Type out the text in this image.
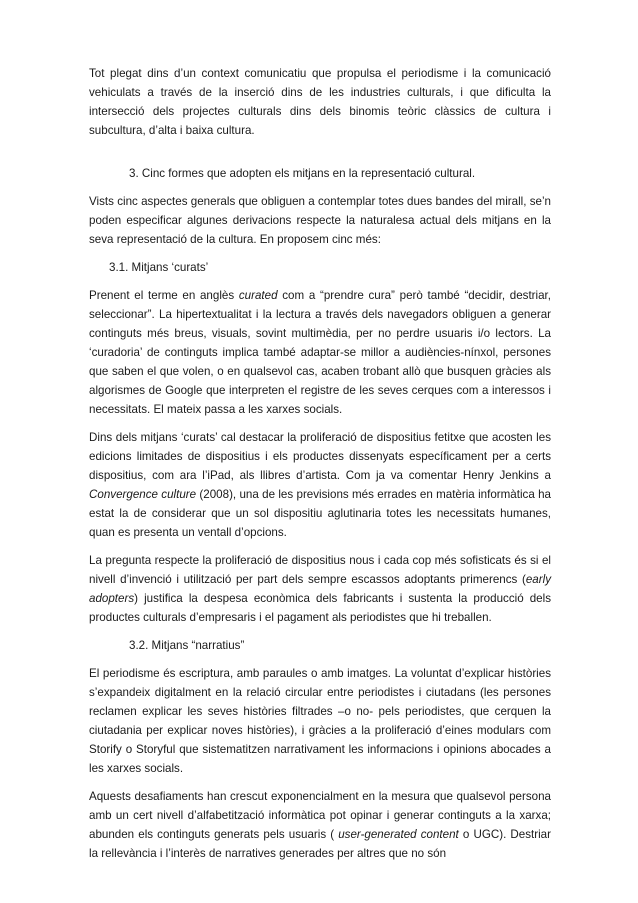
Tot plegat dins d’un context comunicatiu que propulsa el periodisme i la comunicació vehiculats a través de la inserció dins de les industries culturals, i que dificulta la intersecció dels projectes culturals dins dels binomis teòric clàssics de cultura i subcultura, d’alta i baixa cultura.

3. Cinc formes que adopten els mitjans en la representació cultural.

Vists cinc aspectes generals que obliguen a contemplar totes dues bandes del mirall, se’n poden especificar algunes derivacions respecte la naturalesa actual dels mitjans en la seva representació de la cultura. En proposem cinc més:

3.1. Mitjans ‘curats’

Prenent el terme en anglès curated com a “prendre cura” però també “decidir, destriar, seleccionar”. La hipertextualitat i la lectura a través dels navegadors obliguen a generar continguts més breus, visuals, sovint multimèdia, per no perdre usuaris i/o lectors. La ‘curadoria’ de continguts implica també adaptar-se millor a audiències-nínxol, persones que saben el que volen, o en qualsevol cas, acaben trobant allò que busquen gràcies als algorismes de Google que interpreten el registre de les seves cerques com a interessos i necessitats. El mateix passa a les xarxes socials.

Dins dels mitjans ‘curats’ cal destacar la proliferació de dispositius fetitxe que acosten les edicions limitades de dispositius i els productes dissenyats específicament per a certs dispositius, com ara l’iPad, als llibres d’artista. Com ja va comentar Henry Jenkins a Convergence culture (2008), una de les previsions més errades en matèria informàtica ha estat la de considerar que un sol dispositiu aglutinaria totes les necessitats humanes, quan es presenta un ventall d’opcions.

La pregunta respecte la proliferació de dispositius nous i cada cop més sofisticats és si el nivell d’invenció i utilització per part dels sempre escassos adoptants primerencs (early adopters) justifica la despesa econòmica dels fabricants i sustenta la producció dels productes culturals d’empresaris i el pagament als periodistes que hi treballen.

3.2. Mitjans “narratius”

El periodisme és escriptura, amb paraules o amb imatges. La voluntat d’explicar històries s’expandeix digitalment en la relació circular entre periodistes i ciutadans (les persones reclamen explicar les seves històries filtrades –o no- pels periodistes, que cerquen la ciutadania per explicar noves històries), i gràcies a la proliferació d’eines modulars com Storify o Storyful que sistematitzen narrativament les informacions i opinions abocades a les xarxes socials.

Aquests desafiaments han crescut exponencialment en la mesura que qualsevol persona amb un cert nivell d’alfabetització informàtica pot opinar i generar continguts a la xarxa; abunden els continguts generats pels usuaris ( user-generated content o UGC). Destriar la rellevància i l’interès de narratives generades per altres que no són
